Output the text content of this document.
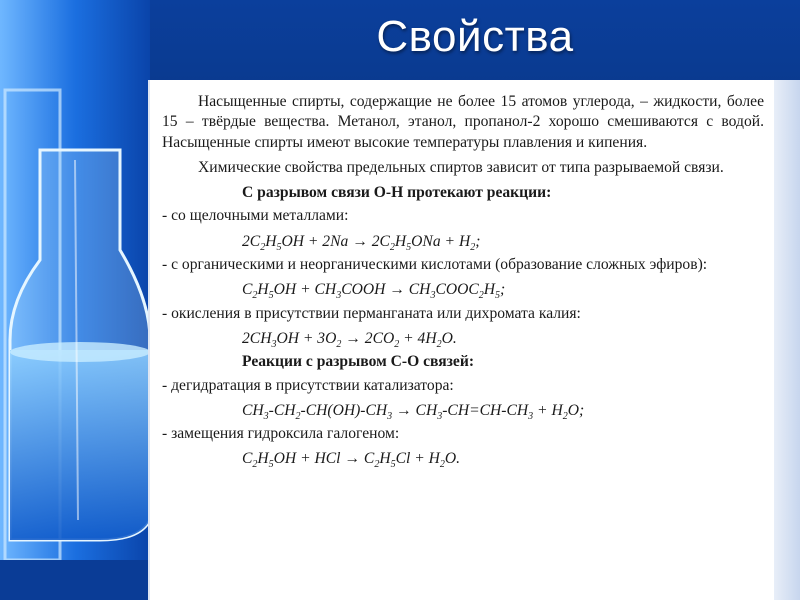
Свойства

Насыщенные спирты, содержащие не более 15 атомов углерода, – жидкости, более 15 – твёрдые вещества. Метанол, этанол, пропанол-2 хорошо смешиваются с водой. Насыщенные спирты имеют высокие температуры плавления и кипения.

Химические свойства предельных спиртов зависит от типа разрываемой связи.

С разрывом связи О-Н протекают реакции:
- со щелочными металлами:
$2C_2H_5OH + 2Na \to 2C_2H_5ONa + H_2$;
- с органическими и неорганическими кислотами (образование сложных эфиров):
$C_2H_5OH$ + $CH_3COOH$ → $CH_3COOC_2H_5$;
- окисления в присутствии перманганата или дихромата калия:
$2CH_3OH + 3O_2 \to 2CO_2 + 4H_2O$.
Реакции с разрывом С-О связей:
- дегидратация в присутствии катализатора:
$CH_3-CH_2-CH(OH)-CH_3 \to CH_3-CH=CH-CH_3 + H_2O$;
- замещения гидроксила галогеном:
$C_2H_5OH$ + HCl → $C_2H_5Cl + H_2O$.
